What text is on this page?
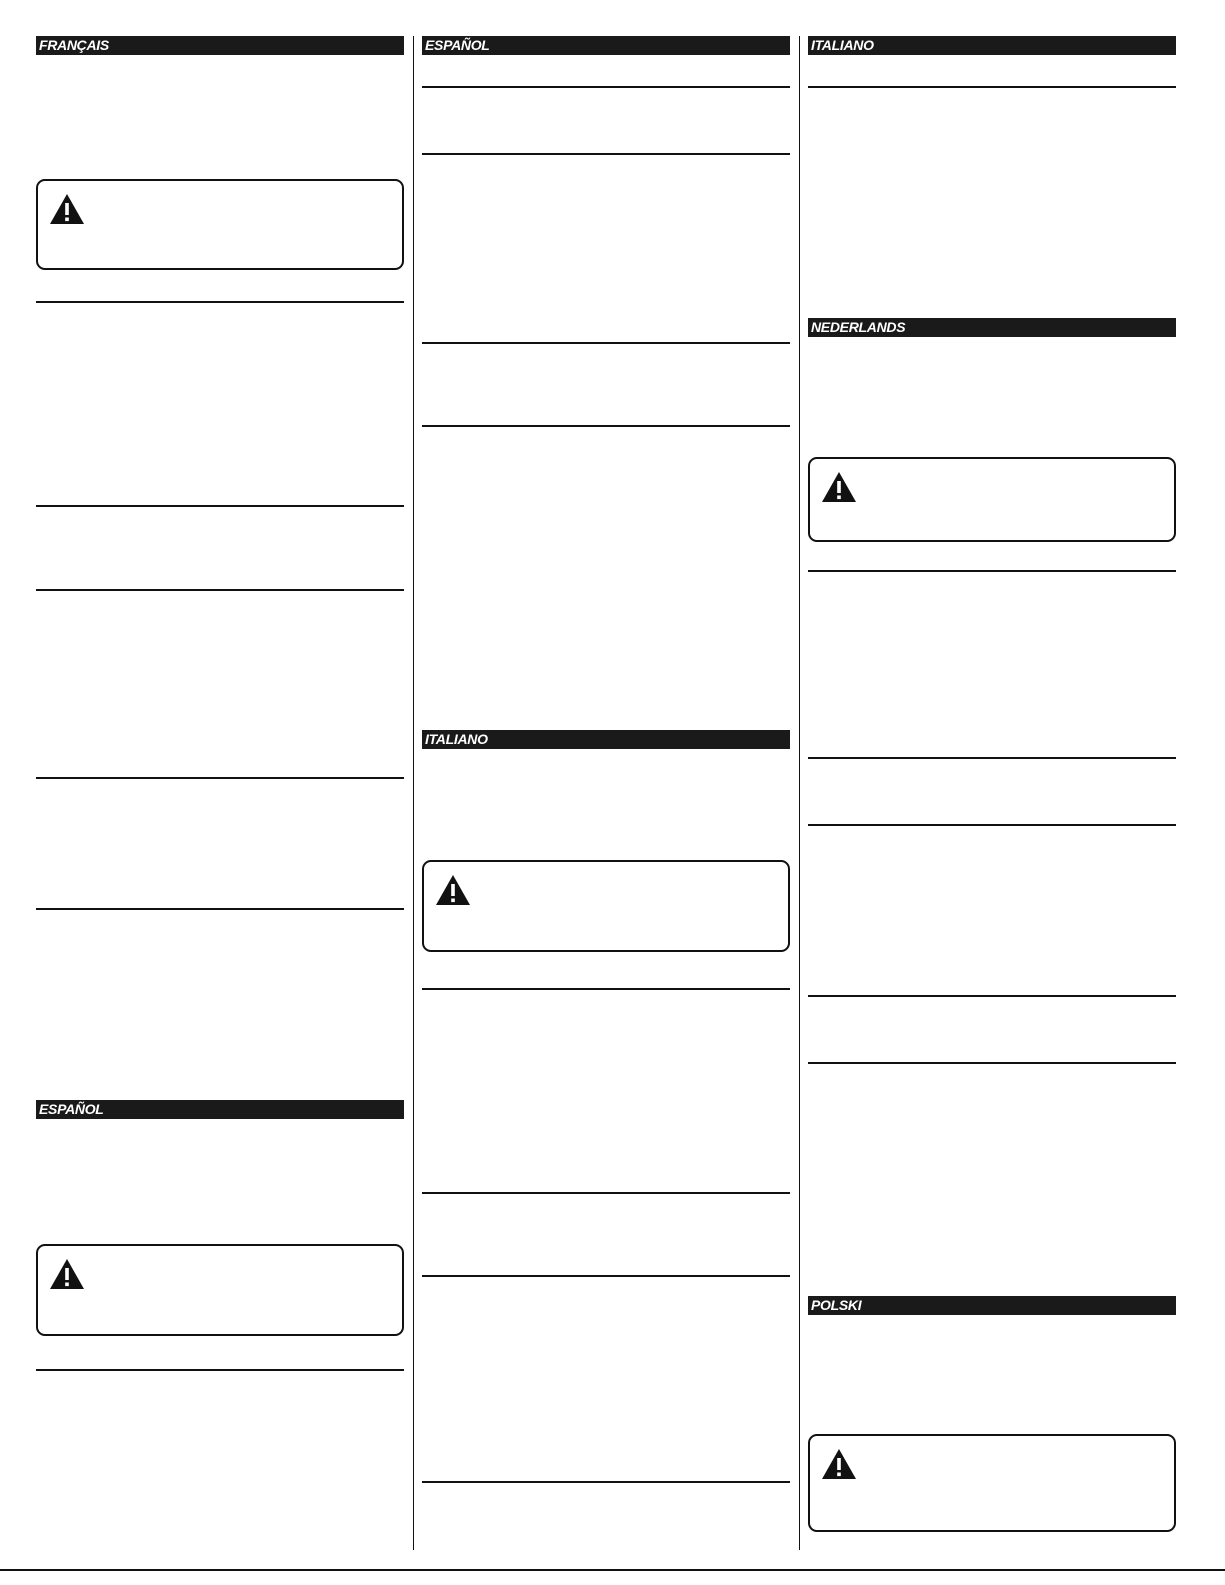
FRANÇAIS
ESPAÑOL
ESPAÑOL
ITALIANO
ITALIANO
NEDERLANDS
POLSKI
